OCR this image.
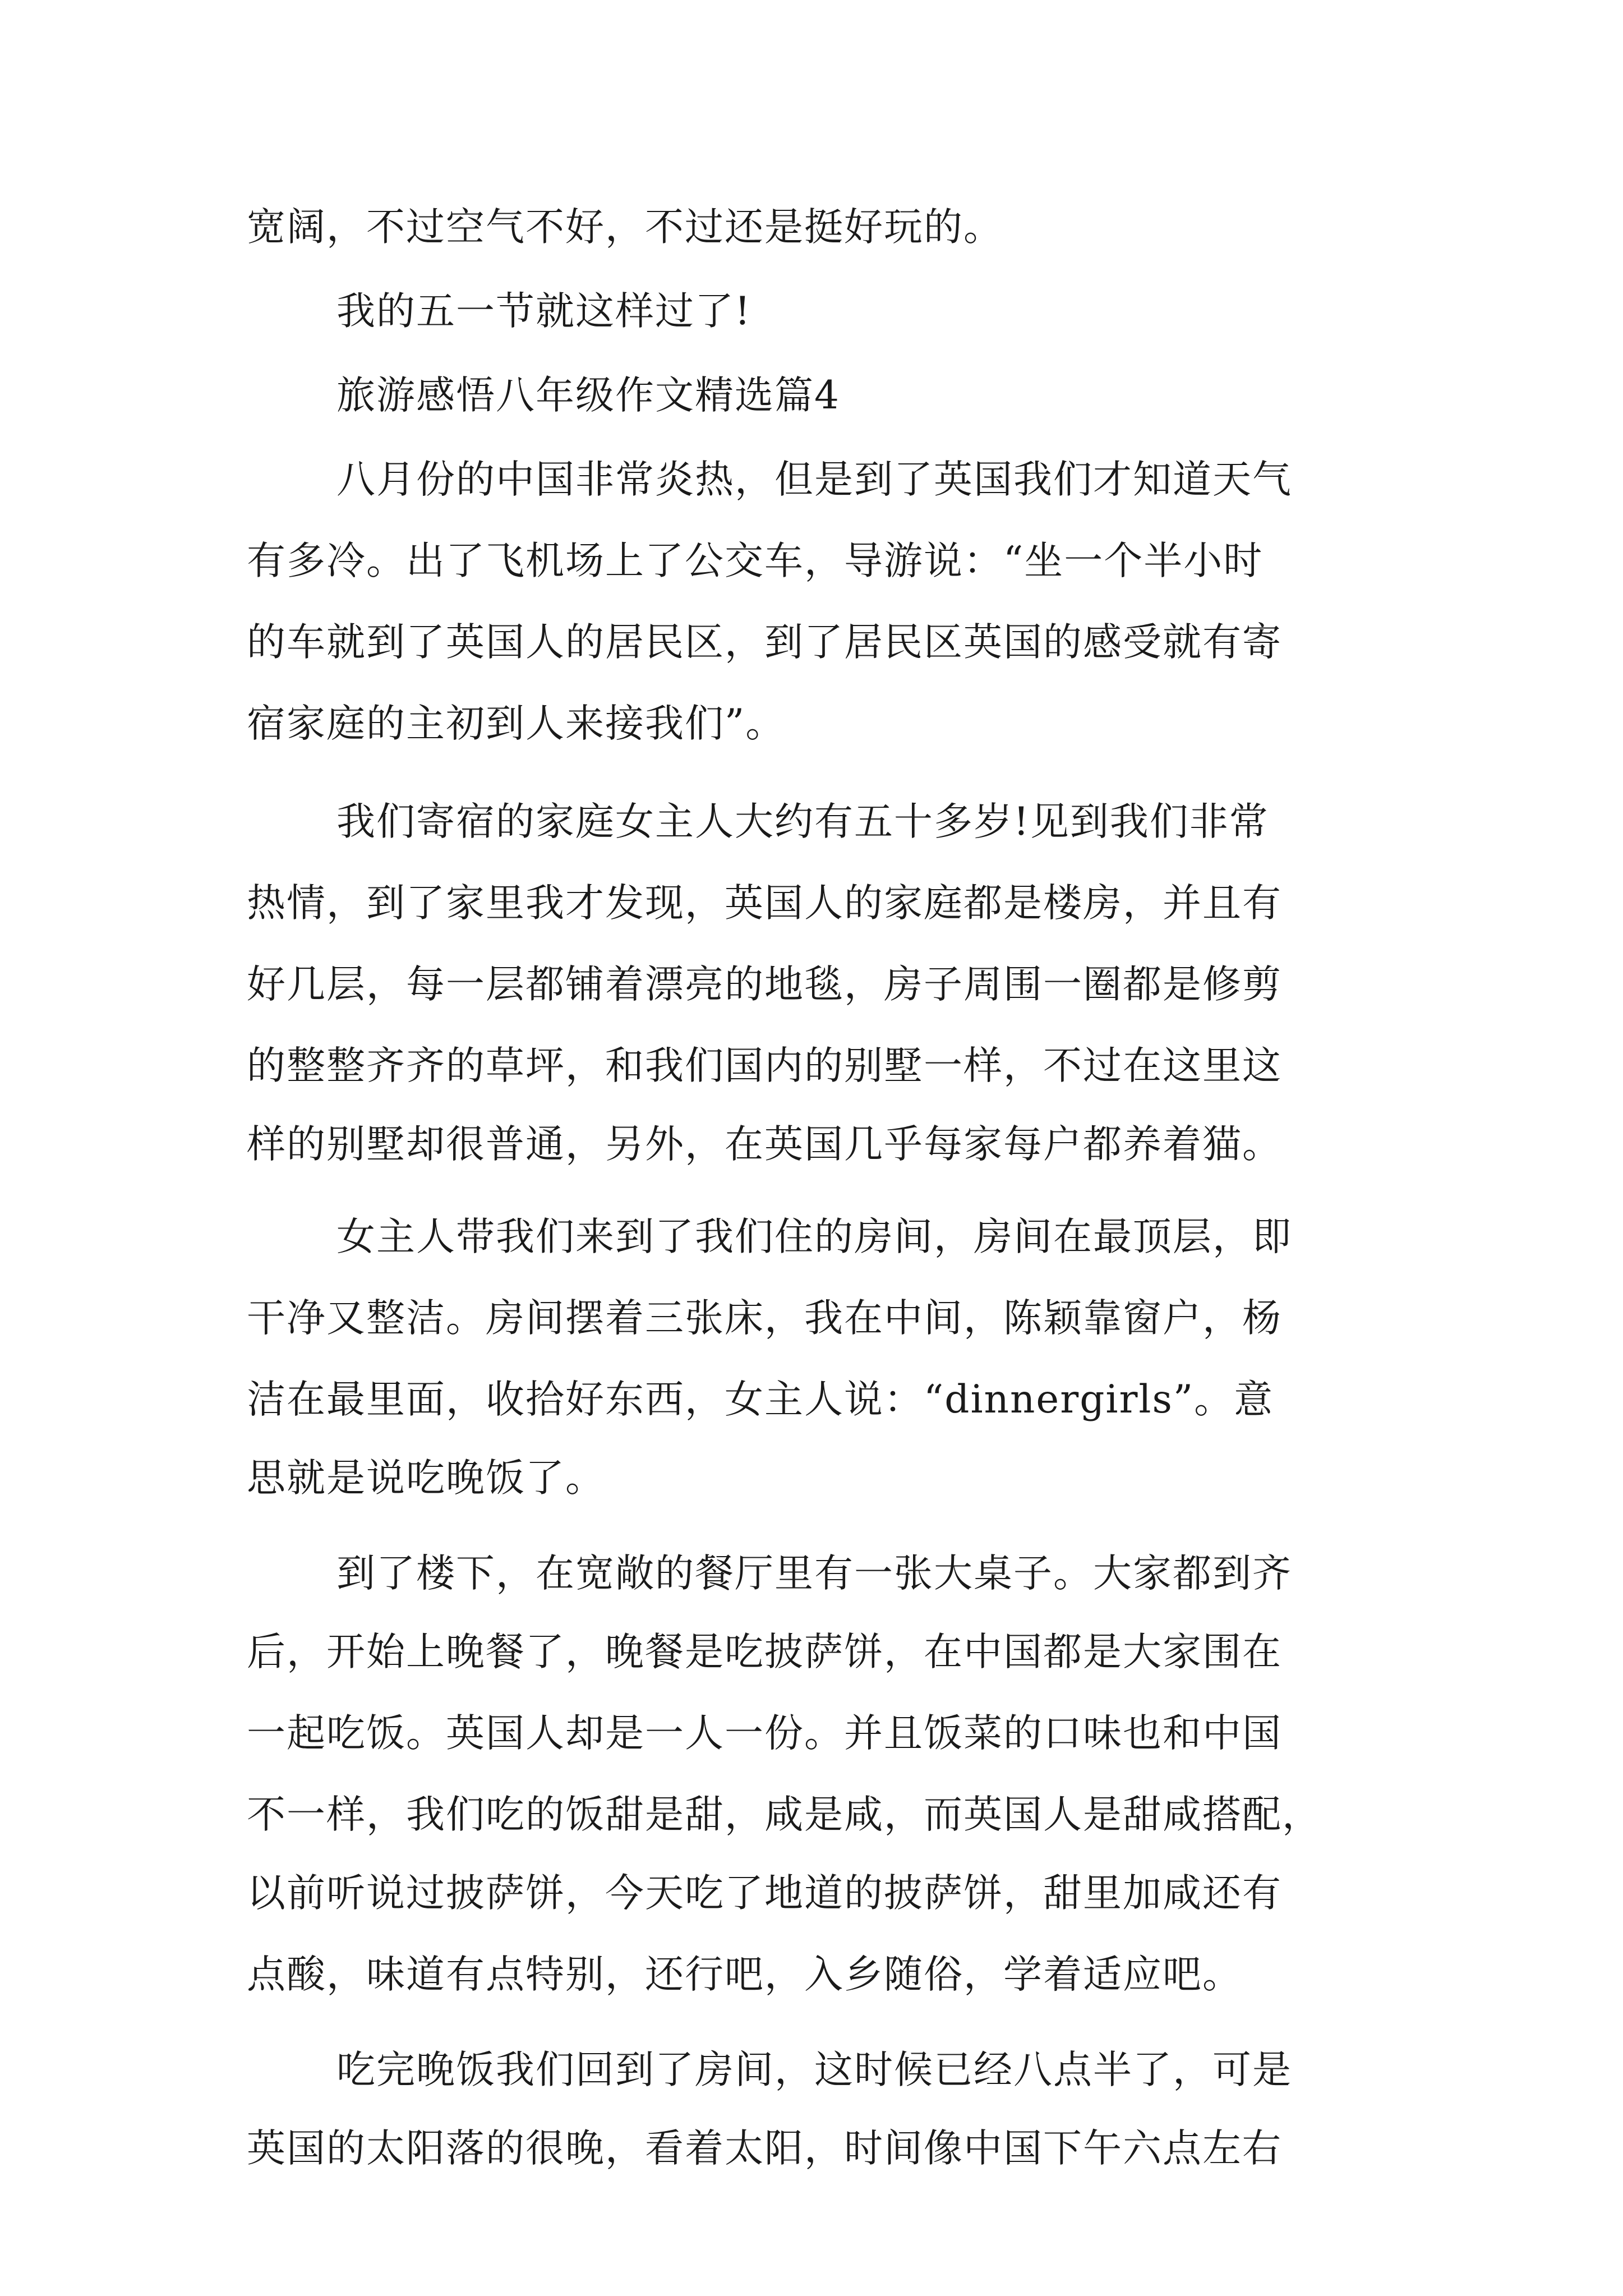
宽阔，不过空气不好，不过还是挺好玩的。
我的五一节就这样过了!
旅游感悟八年级作文精选篇4
八月份的中国非常炎热，但是到了英国我们才知道天气
有多冷。出了飞机场上了公交车，导游说：“坐一个半小时
的车就到了英国人的居民区，到了居民区英国的感受就有寄
宿家庭的主初到人来接我们”。
我们寄宿的家庭女主人大约有五十多岁!见到我们非常
热情，到了家里我才发现，英国人的家庭都是楼房，并且有
好几层，每一层都铺着漂亮的地毯，房子周围一圈都是修剪
的整整齐齐的草坪，和我们国内的别墅一样，不过在这里这
样的别墅却很普通，另外，在英国几乎每家每户都养着猫。
女主人带我们来到了我们住的房间，房间在最顶层，即
干净又整洁。房间摆着三张床，我在中间，陈颖靠窗户，杨
洁在最里面，收拾好东西，女主人说：“dinnergirls”。意
思就是说吃晚饭了。
到了楼下，在宽敞的餐厅里有一张大桌子。大家都到齐
后，开始上晚餐了，晚餐是吃披萨饼，在中国都是大家围在
一起吃饭。英国人却是一人一份。并且饭菜的口味也和中国
不一样，我们吃的饭甜是甜，咸是咸，而英国人是甜咸搭配，
以前听说过披萨饼，今天吃了地道的披萨饼，甜里加咸还有
点酸，味道有点特别，还行吧，入乡随俗，学着适应吧。
吃完晚饭我们回到了房间，这时候已经八点半了，可是
英国的太阳落的很晚，看着太阳，时间像中国下午六点左右
